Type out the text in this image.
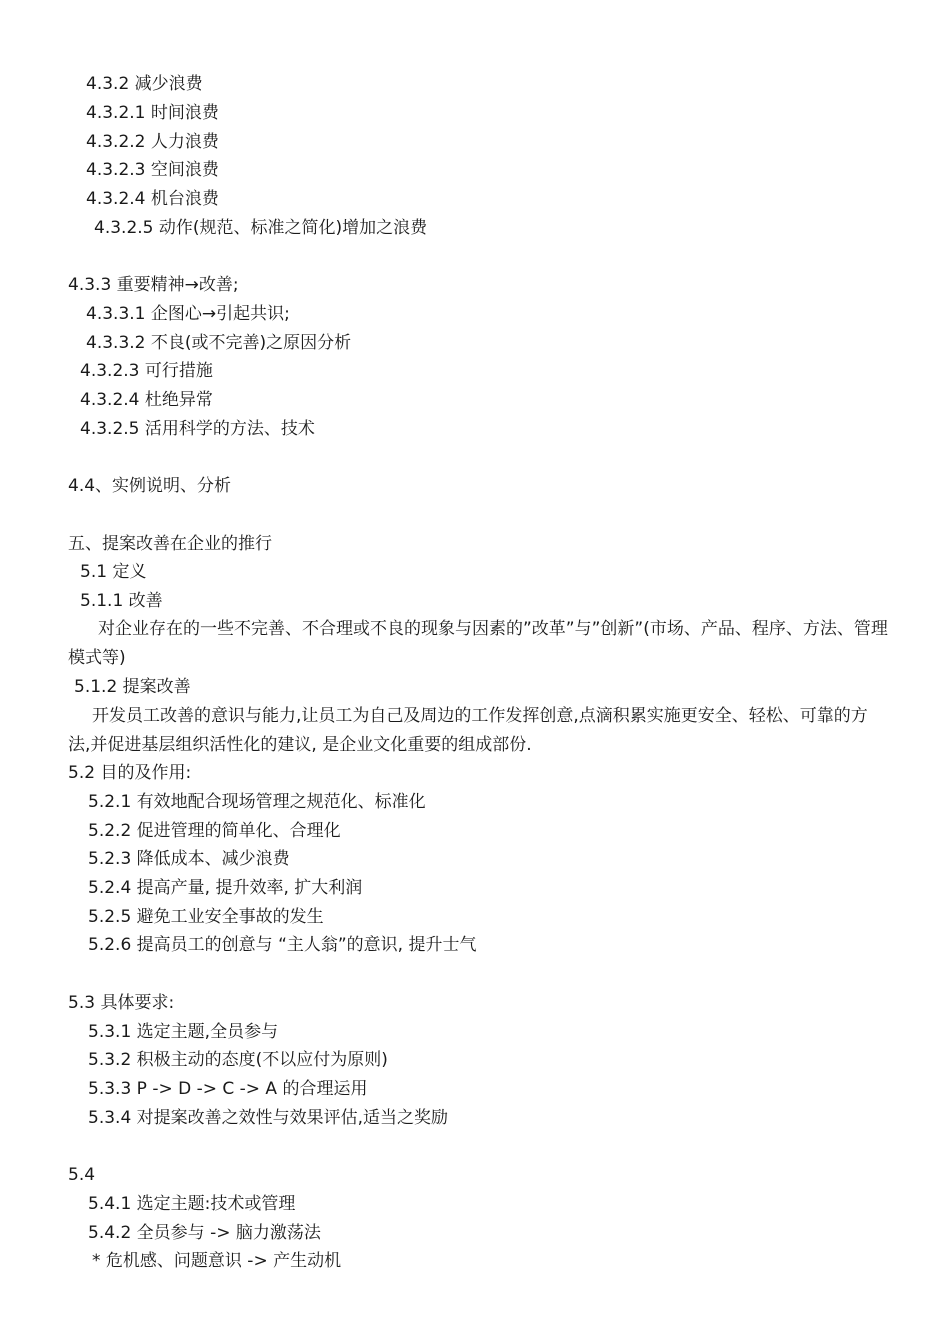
4.3.2 减少浪费
4.3.2.1 时间浪费
4.3.2.2 人力浪费
4.3.2.3 空间浪费
4.3.2.4 机台浪费
4.3.2.5 动作(规范、标准之简化)增加之浪费
4.3.3 重要精神→改善;
4.3.3.1 企图心→引起共识;
4.3.3.2 不良(或不完善)之原因分析
4.3.2.3 可行措施
4.3.2.4 杜绝异常
4.3.2.5 活用科学的方法、技术
4.4、实例说明、分析
五、提案改善在企业的推行
5.1 定义
5.1.1 改善
对企业存在的一些不完善、不合理或不良的现象与因素的”改革”与”创新”(市场、产品、程序、方法、管理模式等)
5.1.2 提案改善
开发员工改善的意识与能力,让员工为自己及周边的工作发挥创意,点滴积累实施更安全、轻松、可靠的方法,并促进基层组织活性化的建议, 是企业文化重要的组成部份.
5.2 目的及作用:
5.2.1 有效地配合现场管理之规范化、标准化
5.2.2 促进管理的简单化、合理化
5.2.3 降低成本、减少浪费
5.2.4 提高产量, 提升效率, 扩大利润
5.2.5 避免工业安全事故的发生
5.2.6 提高员工的创意与 “主人翁”的意识, 提升士气
5.3 具体要求:
5.3.1 选定主题,全员参与
5.3.2 积极主动的态度(不以应付为原则)
5.3.3 P -> D -> C -> A 的合理运用
5.3.4 对提案改善之效性与效果评估,适当之奖励
5.4
5.4.1 选定主题:技术或管理
5.4.2 全员参与 -> 脑力激荡法
* 危机感、问题意识 -> 产生动机
